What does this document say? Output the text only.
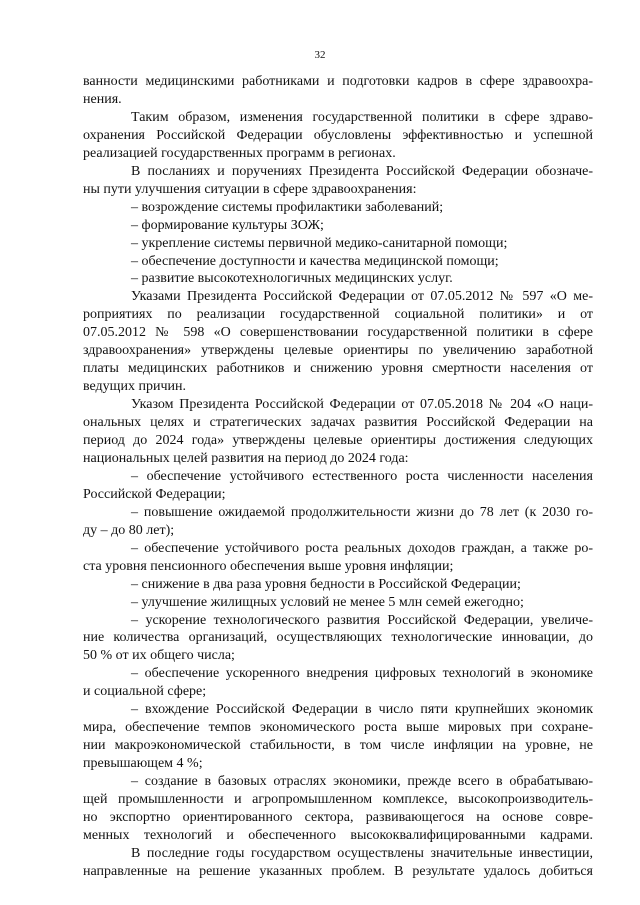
32
ванности медицинскими работниками и подготовки кадров в сфере здравоохра-
нения.
Таким образом, изменения государственной политики в сфере здраво-
охранения Российской Федерации обусловлены эффективностью и успешной
реализацией государственных программ в регионах.
В посланиях и поручениях Президента Российской Федерации обозначе-
ны пути улучшения ситуации в сфере здравоохранения:
– возрождение системы профилактики заболеваний;
– формирование культуры ЗОЖ;
– укрепление системы первичной медико-санитарной помощи;
– обеспечение доступности и качества медицинской помощи;
– развитие высокотехнологичных медицинских услуг.
Указами Президента Российской Федерации от 07.05.2012 № 597 «О ме-
роприятиях по реализации государственной социальной политики» и от
07.05.2012 № 598 «О совершенствовании государственной политики в сфере
здравоохранения» утверждены целевые ориентиры по увеличению заработной
платы медицинских работников и снижению уровня смертности населения от
ведущих причин.
Указом Президента Российской Федерации от 07.05.2018 № 204 «О наци-
ональных целях и стратегических задачах развития Российской Федерации на
период до 2024 года» утверждены целевые ориентиры достижения следующих
национальных целей развития на период до 2024 года:
– обеспечение устойчивого естественного роста численности населения
Российской Федерации;
– повышение ожидаемой продолжительности жизни до 78 лет (к 2030 го-
ду – до 80 лет);
– обеспечение устойчивого роста реальных доходов граждан, а также ро-
ста уровня пенсионного обеспечения выше уровня инфляции;
– снижение в два раза уровня бедности в Российской Федерации;
– улучшение жилищных условий не менее 5 млн семей ежегодно;
– ускорение технологического развития Российской Федерации, увеличе-
ние количества организаций, осуществляющих технологические инновации, до
50 % от их общего числа;
– обеспечение ускоренного внедрения цифровых технологий в экономике
и социальной сфере;
– вхождение Российской Федерации в число пяти крупнейших экономик
мира, обеспечение темпов экономического роста выше мировых при сохране-
нии макроэкономической стабильности, в том числе инфляции на уровне, не
превышающем 4 %;
– создание в базовых отраслях экономики, прежде всего в обрабатываю-
щей промышленности и агропромышленном комплексе, высокопроизводитель-
но экспортно ориентированного сектора, развивающегося на основе совре-
менных технологий и обеспеченного высококвалифицированными кадрами.
В последние годы государством осуществлены значительные инвестиции,
направленные на решение указанных проблем. В результате удалось добиться
